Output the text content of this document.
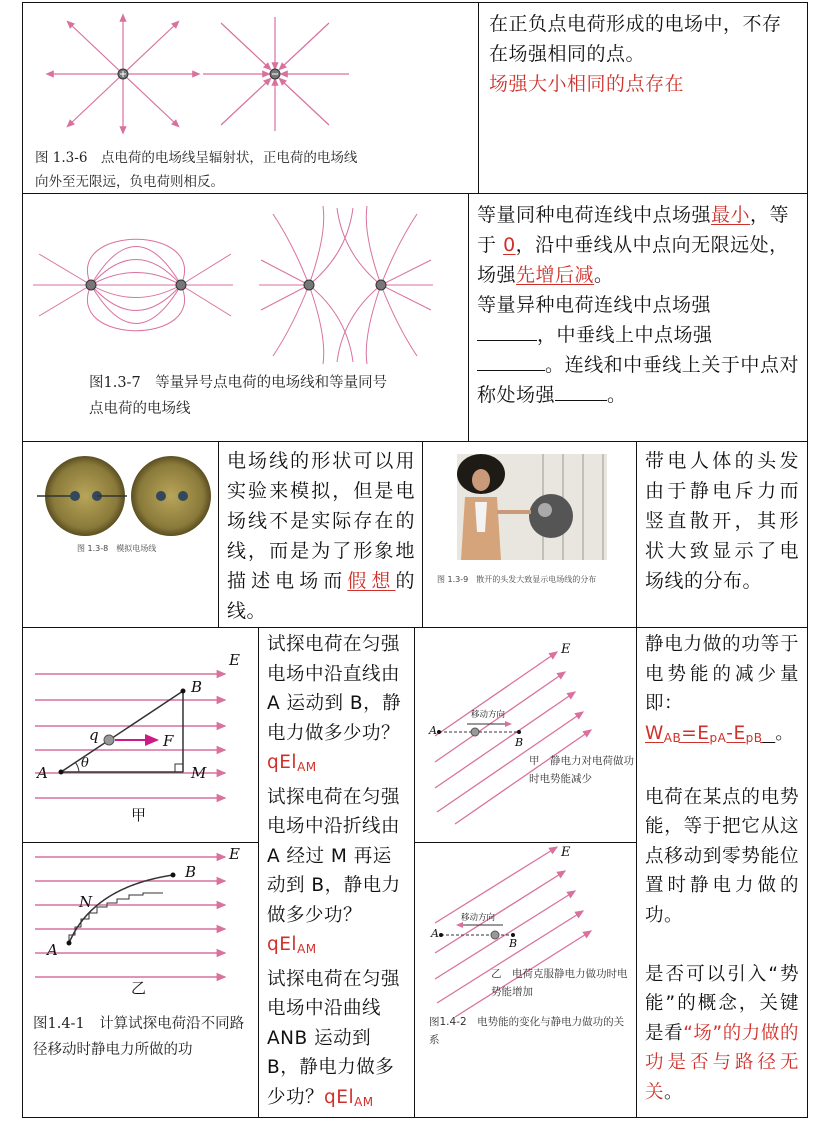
图 1.3-6　点电荷的电场线呈辐射状，正电荷的电场线向外至无限远，负电荷则相反。
在正负点电荷形成的电场中，不存在场强相同的点。
场强大小相同的点存在
图1.3-7　等量异号点电荷的电场线和等量同号点电荷的电场线
等量同种电荷连线中点场强最小，等于 0，沿中垂线从中点向无限远处，场强先增后减。
等量异种电荷连线中点场强
，中垂线上中点场强
。连线和中垂线上关于中点对称处场强	。
图 1.3-8　模拟电场线
电场线的形状可以用实验来模拟，但是电场线不是实际存在的线，而是为了形象地描述电场而假想的线。
图 1.3-9　散开的头发大致显示电场线的分布
带电人体的头发由于静电斥力而竖直散开，其形状大致显示了电场线的分布。
E
B
q	F
A
θ
M
甲
E
B
N
A
乙
图1.4-1　计算试探电荷沿不同路径移动时静电力所做的功
试探电荷在匀强电场中沿直线由 A 运动到 B，静电力做多少功？qEl$_{AM}$
试探电荷在匀强电场中沿折线由 A 经过 M 再运动到 B，静电力做多少功？qEl$_{AM}$
试探电荷在匀强电场中沿曲线 ANB 运动到 B，静电力做多少功？qEl$_{AM}$
E
移动方向
A
B
甲　静电力对电荷做功时电势能减少
E
移动方向
A
B
乙　电荷克服静电力做功时电势能增加
图1.4-2　电势能的变化与静电力做功的关系
静电力做的功等于电势能的减少量即：
$W_{AB}=E_{pA}-E_{pB}$ 。

电荷在某点的电势能，等于把它从这点移动到零势能位置时静电力做的功。

是否可以引入“势能”的概念，关键是看“场”的力做的功是否与路径无关。
